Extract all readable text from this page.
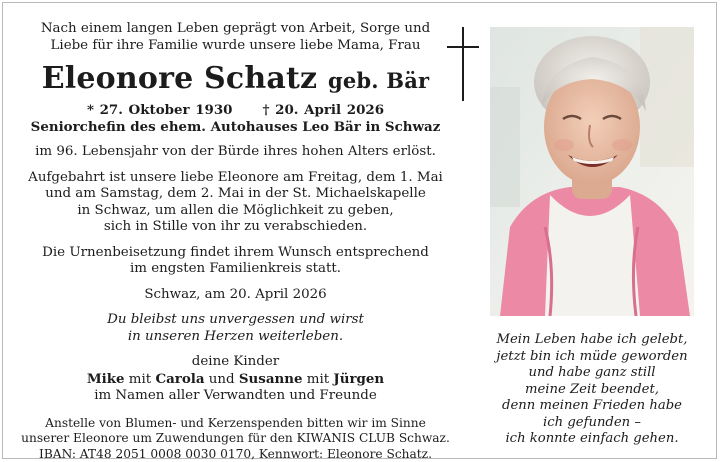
Nach einem langen Leben geprägt von Arbeit, Sorge und
Liebe für ihre Familie wurde unsere liebe Mama, Frau
Eleonore Schatz geb. Bär
* 27. Oktober 1930 † 20. April 2026
Seniorchefin des ehem. Autohauses Leo Bär in Schwaz
im 96. Lebensjahr von der Bürde ihres hohen Alters erlöst.
Aufgebahrt ist unsere liebe Eleonore am Freitag, dem 1. Mai
und am Samstag, dem 2. Mai in der St. Michaelskapelle
in Schwaz, um allen die Möglichkeit zu geben,
sich in Stille von ihr zu verabschieden.
Die Urnenbeisetzung findet ihrem Wunsch entsprechend
im engsten Familienkreis statt.
Schwaz, am 20. April 2026
Du bleibst uns unvergessen und wirst
in unseren Herzen weiterleben.
deine Kinder
Mike mit Carola und Susanne mit Jürgen
im Namen aller Verwandten und Freunde
Anstelle von Blumen- und Kerzenspenden bitten wir im Sinne
unserer Eleonore um Zuwendungen für den KIWANIS CLUB Schwaz.
IBAN: AT48 2051 0008 0030 0170, Kennwort: Eleonore Schatz.
Mein Leben habe ich gelebt,
jetzt bin ich müde geworden
und habe ganz still
meine Zeit beendet,
denn meinen Frieden habe
ich gefunden –
ich konnte einfach gehen.
